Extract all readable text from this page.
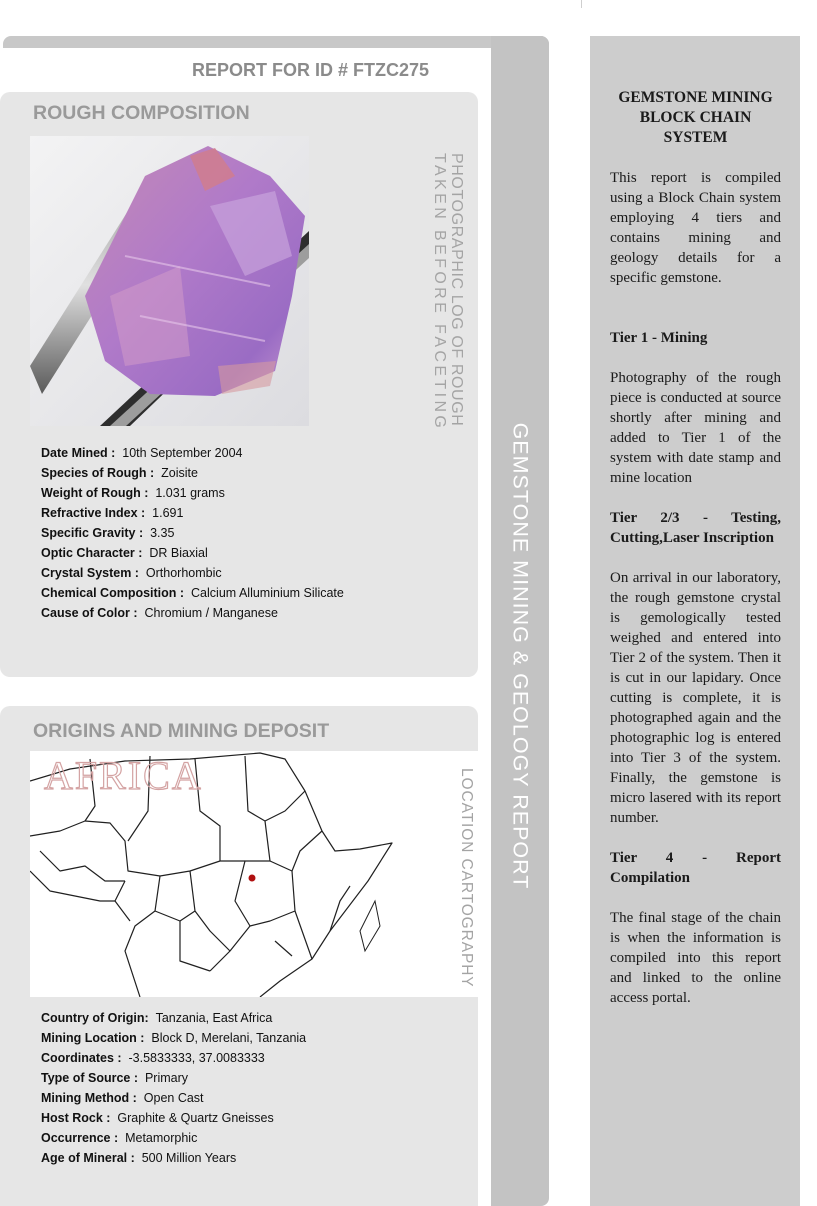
REPORT FOR ID # FTZC275
ROUGH COMPOSITION
PHOTOGRAPHIC LOG OF ROUGH
TAKEN BEFORE FACETING
Date Mined : 10th September 2004
Species of Rough : Zoisite
Weight of Rough : 1.031 grams
Refractive Index : 1.691
Specific Gravity : 3.35
Optic Character : DR Biaxial
Crystal System : Orthorhombic
Chemical Composition : Calcium Alluminium Silicate
Cause of Color : Chromium / Manganese
ORIGINS AND MINING DEPOSIT
AFRICA	LOCATION CARTOGRAPHY
Country of Origin: Tanzania, East Africa
Mining Location : Block D, Merelani, Tanzania
Coordinates : -3.5833333, 37.0083333
Type of Source : Primary
Mining Method : Open Cast
Host Rock : Graphite & Quartz Gneisses
Occurrence : Metamorphic
Age of Mineral : 500 Million Years
GEMSTONE MINING & GEOLOGY REPORT
GEMSTONE MINING BLOCK CHAIN SYSTEM
This report is compiled using a Block Chain system employing 4 tiers and contains mining and geology details for a specific gemstone.
Tier 1 - Mining
Photography of the rough piece is conducted at source shortly after mining and added to Tier 1 of the system with date stamp and mine location
Tier 2/3 - Testing, Cutting,Laser Inscription
On arrival in our laboratory, the rough gemstone crystal is gemologically tested weighed and entered into Tier 2 of the system. Then it is cut in our lapidary. Once cutting is complete, it is photographed again and the photographic log is entered into Tier 3 of the system. Finally, the gemstone is micro lasered with its report number.
Tier 4 - Report Compilation
The final stage of the chain is when the information is compiled into this report and linked to the online access portal.
